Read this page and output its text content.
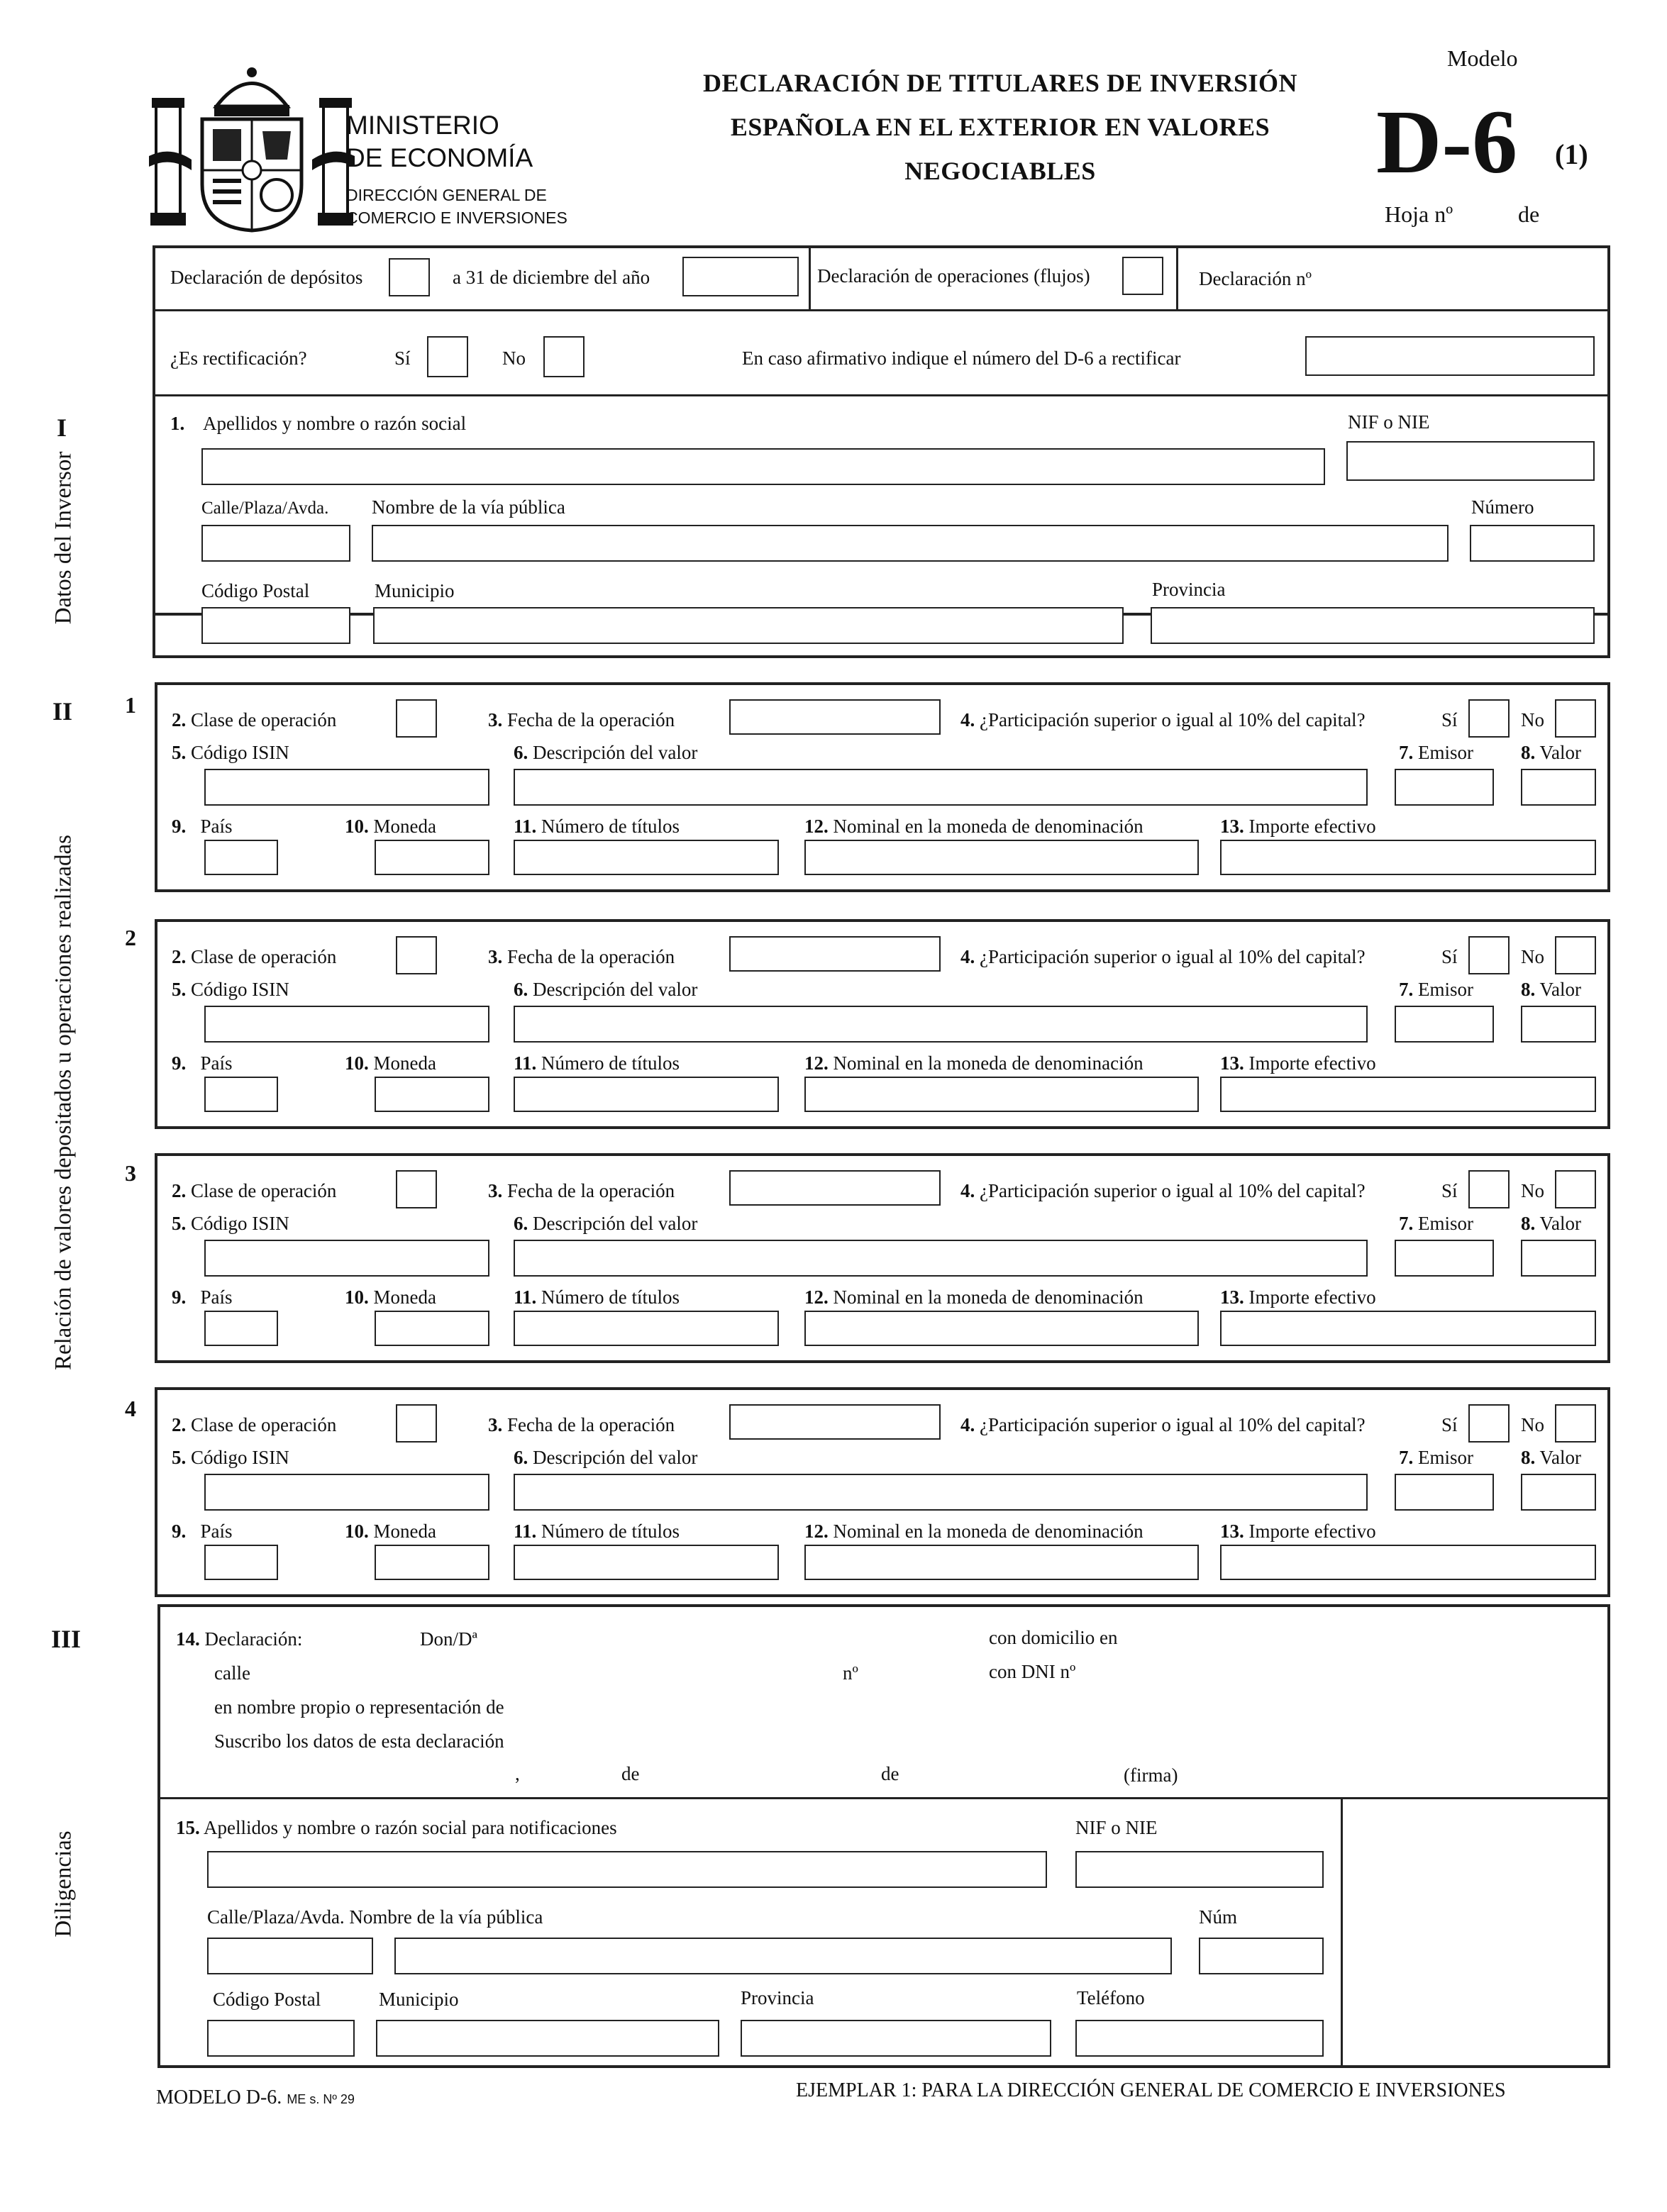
MINISTERIO
DE ECONOMÍA
DIRECCIÓN GENERAL DE
COMERCIO E INVERSIONES
DECLARACIÓN DE TITULARES DE INVERSIÓN
ESPAÑOLA EN EL EXTERIOR EN VALORES
NEGOCIABLES
Modelo
D-6 (1)
Hoja nº	de
Declaración de depósitos	a 31 de diciembre del año	Declaración de operaciones (flujos)	Declaración nº
¿Es rectificación?	Sí	No	En caso afirmativo indique el número del D-6 a rectificar
I
Datos del Inversor
1. Apellidos y nombre o razón social	NIF o NIE
Calle/Plaza/Avda. Nombre de la vía pública	Número
Código Postal	Municipio	Provincia
II
Relación de valores depositados u operaciones realizadas
1
2. Clase de operación	3. Fecha de la operación	4. ¿Participación superior o igual al 10% del capital?	Sí	No
5. Código ISIN	6. Descripción del valor	7. Emisor 8. Valor
9. País	10. Moneda	11. Número de títulos	12. Nominal en la moneda de denominación	13. Importe efectivo
2
2. Clase de operación	3. Fecha de la operación	4. ¿Participación superior o igual al 10% del capital?	Sí	No
5. Código ISIN	6. Descripción del valor	7. Emisor 8. Valor
9. País	10. Moneda	11. Número de títulos	12. Nominal en la moneda de denominación	13. Importe efectivo
3
2. Clase de operación	3. Fecha de la operación	4. ¿Participación superior o igual al 10% del capital?	Sí	No
5. Código ISIN	6. Descripción del valor	7. Emisor 8. Valor
9. País	10. Moneda	11. Número de títulos	12. Nominal en la moneda de denominación	13. Importe efectivo
4
2. Clase de operación	3. Fecha de la operación	4. ¿Participación superior o igual al 10% del capital?	Sí	No
5. Código ISIN	6. Descripción del valor	7. Emisor 8. Valor
9. País	10. Moneda	11. Número de títulos	12. Nominal en la moneda de denominación	13. Importe efectivo
III	14. Declaración:	Don/Dª	con domicilio en
calle	nº	con DNI nº
en nombre propio o representación de
Suscribo los datos de esta declaración
,	de	de	(firma)
Diligencias
15. Apellidos y nombre o razón social para notificaciones	NIF o NIE
Calle/Plaza/Avda. Nombre de la vía pública	Núm
Código Postal	Municipio	Provincia	Teléfono
MODELO D-6. ME s. Nº 29	EJEMPLAR 1: PARA LA DIRECCIÓN GENERAL DE COMERCIO E INVERSIONES
